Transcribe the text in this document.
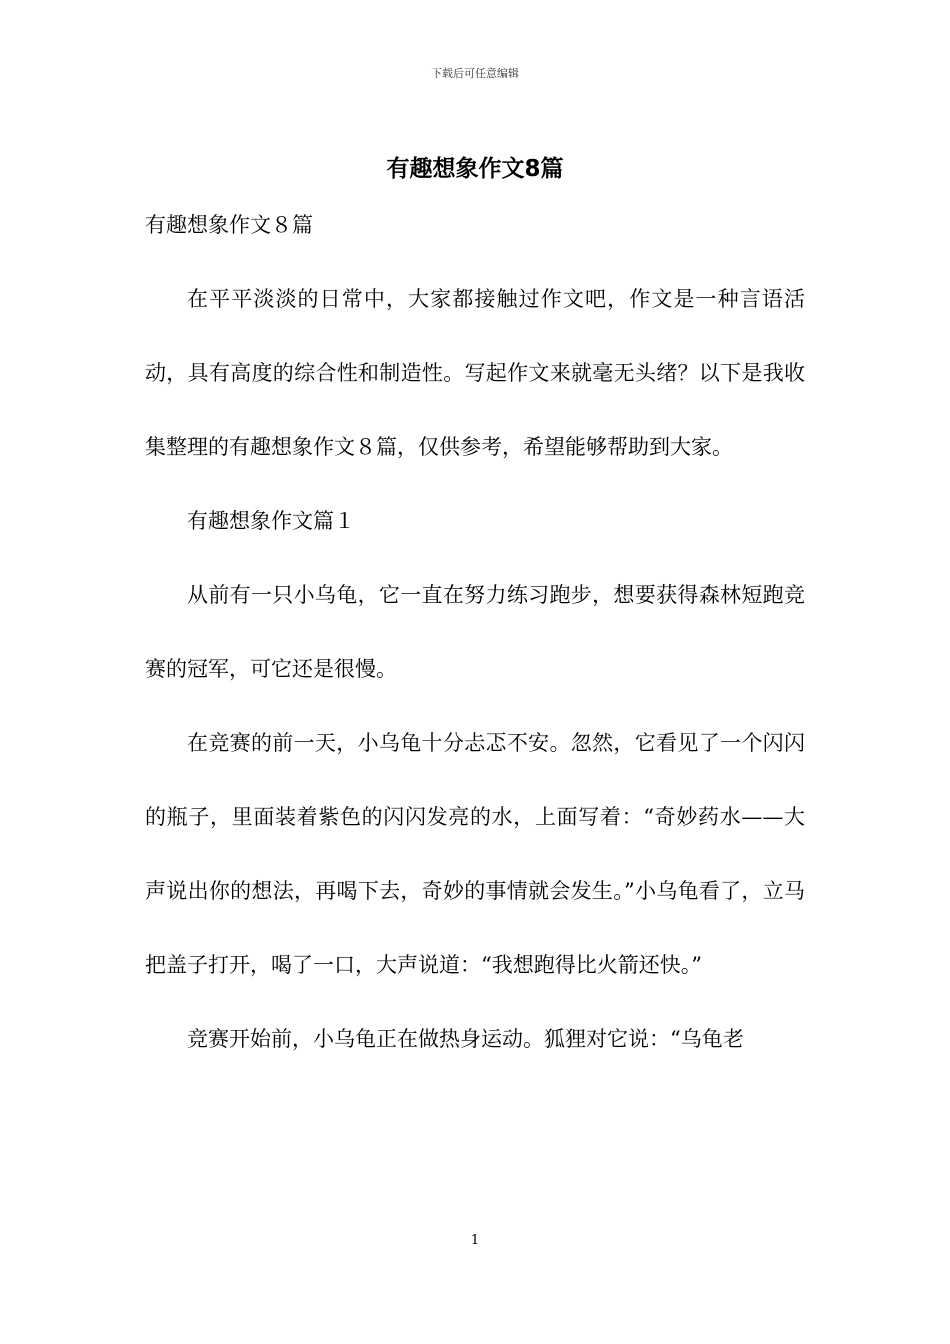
下载后可任意编辑
有趣想象作文8篇

有趣想象作文８篇

在平平淡淡的日常中，大家都接触过作文吧，作文是一种言语活动，具有高度的综合性和制造性。写起作文来就毫无头绪？以下是我收集整理的有趣想象作文８篇，仅供参考，希望能够帮助到大家。

有趣想象作文篇１

从前有一只小乌龟，它一直在努力练习跑步，想要获得森林短跑竞赛的冠军，可它还是很慢。

在竞赛的前一天，小乌龟十分忐忑不安。忽然，它看见了一个闪闪的瓶子，里面装着紫色的闪闪发亮的水，上面写着：“奇妙药水——大声说出你的想法，再喝下去，奇妙的事情就会发生。”小乌龟看了，立马把盖子打开，喝了一口，大声说道：“我想跑得比火箭还快。”

竞赛开始前，小乌龟正在做热身运动。狐狸对它说：“乌龟老

1
